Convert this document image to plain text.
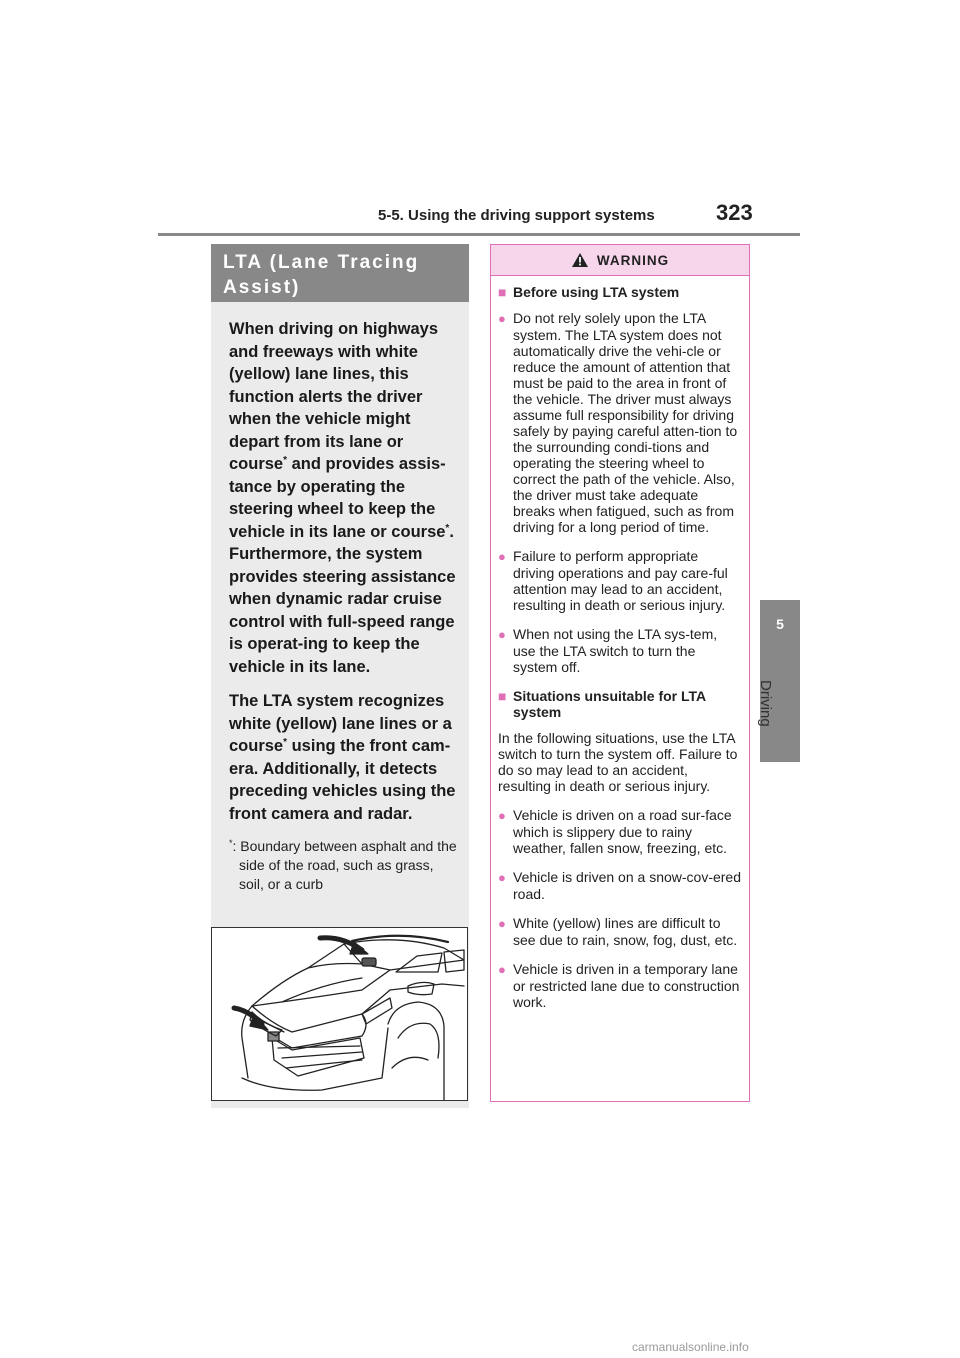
5-5. Using the driving support systems	323
5
Driving
LTA (Lane Tracing Assist)

When driving on highways and freeways with white (yellow) lane lines, this function alerts the driver when the vehicle might depart from its lane or course* and provides assis-tance by operating the steering wheel to keep the vehicle in its lane or course*. Furthermore, the system provides steering assistance when dynamic radar cruise control with full-speed range is operat-ing to keep the vehicle in its lane.

The LTA system recognizes white (yellow) lane lines or a course* using the front cam-era. Additionally, it detects preceding vehicles using the front camera and radar.

*: Boundary between asphalt and the side of the road, such as grass, soil, or a curb
WARNING
■ Before using LTA system
● Do not rely solely upon the LTA system. The LTA system does not automatically drive the vehi-cle or reduce the amount of attention that must be paid to the area in front of the vehicle. The driver must always assume full responsibility for driving safely by paying careful atten-tion to the surrounding condi-tions and operating the steering wheel to correct the path of the vehicle. Also, the driver must take adequate breaks when fatigued, such as from driving for a long period of time.
● Failure to perform appropriate driving operations and pay care-ful attention may lead to an accident, resulting in death or serious injury.
● When not using the LTA sys-tem, use the LTA switch to turn the system off.
■ Situations unsuitable for LTA system
In the following situations, use the LTA switch to turn the system off. Failure to do so may lead to an accident, resulting in death or serious injury.
● Vehicle is driven on a road sur-face which is slippery due to rainy weather, fallen snow, freezing, etc.
● Vehicle is driven on a snow-cov-ered road.
● White (yellow) lines are difficult to see due to rain, snow, fog, dust, etc.
● Vehicle is driven in a temporary lane or restricted lane due to construction work.
carmanualsonline.info
